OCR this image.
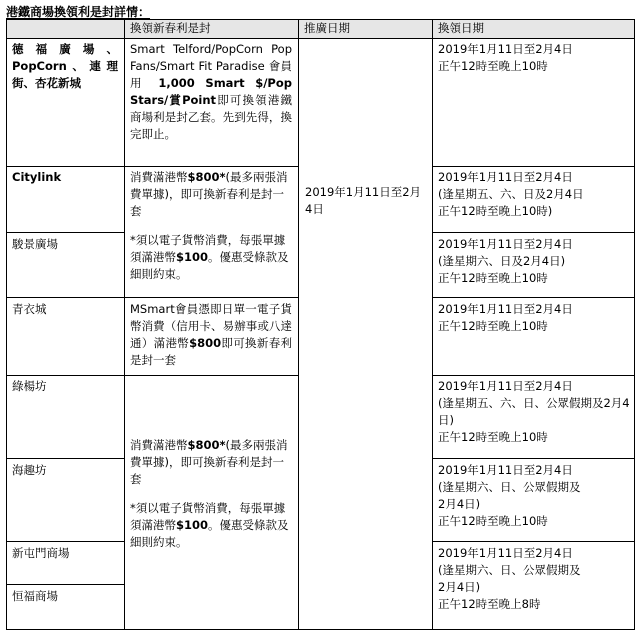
港鐵商場換領利是封詳情：
換領新春利是封	推廣日期	換領日期
德福廣場、PopCorn、連理街、杏花新城
Citylink
駿景廣場
青衣城
綠楊坊
海趣坊
新屯門商場
恒福商場
Smart Telford/PopCorn Pop Fans/Smart Fit Paradise 會員用 1,000 Smart $/Pop Stars/賞Point即可換領港鐵商場利是封乙套。先到先得，換完即止。
消費滿港幣$800*(最多兩張消費單據)，即可換新春利是封一套
*須以電子貨幣消費，每張單據須滿港幣$100。優惠受條款及細則約束。
MSmart會員憑即日單一電子貨幣消費（信用卡、易辦事或八達通）滿港幣$800即可換新春利是封一套
消費滿港幣$800*(最多兩張消費單據)，即可換新春利是封一套
*須以電子貨幣消費，每張單據須滿港幣$100。優惠受條款及細則約束。
2019年1月11日至2月4日
2019年1月11日至2月4日
正午12時至晚上10時
2019年1月11日至2月4日
(逢星期五、六、日及2月4日
正午12時至晚上10時)
2019年1月11日至2月4日
(逢星期六、日及2月4日)
正午12時至晚上10時
2019年1月11日至2月4日
正午12時至晚上10時
2019年1月11日至2月4日
(逢星期五、六、日、公眾假期及2月4日)
正午12時至晚上10時
2019年1月11日至2月4日
(逢星期六、日、公眾假期及
2月4日)
正午12時至晚上10時
2019年1月11日至2月4日
(逢星期六、日、公眾假期及
2月4日)
正午12時至晚上8時
